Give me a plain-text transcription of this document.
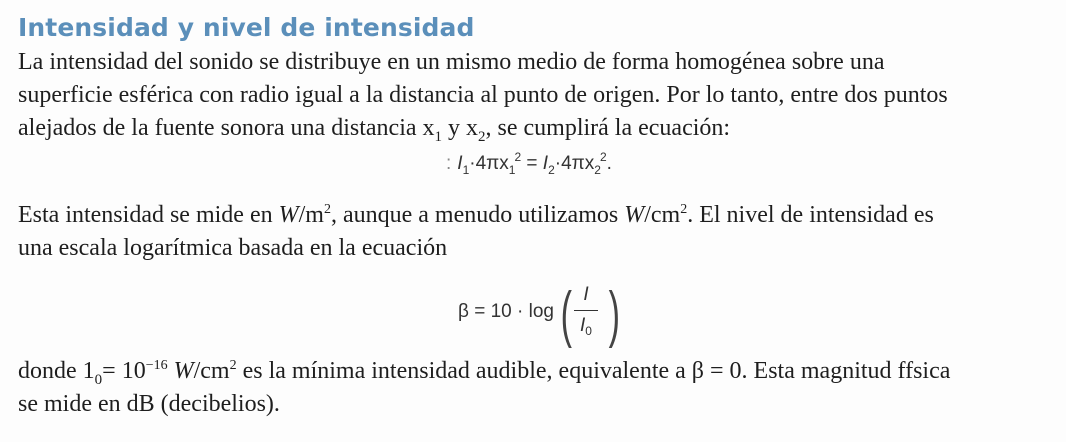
Intensidad y nivel de intensidad
La intensidad del sonido se distribuye en un mismo medio de forma homogénea sobre una
superficie esférica con radio igual a la distancia al punto de origen. Por lo tanto, entre dos puntos
alejados de la fuente sonora una distancia $x_1$ y $x_2$, se cumplirá la ecuación:
: $I_1\cdot 4\pi x_1^2 = I_2\cdot 4\pi x_2^2$.
Esta intensidad se mide en $W/m^2$, aunque a menudo utilizamos $W/cm^2$. El nivel de intensidad es
una escala logarítmica basada en la ecuación
β = 10 · log ( I
$I_0$ )
donde $1_0= 10^{-16}$ $W/cm^2$ es la mínima intensidad audible, equivalente a β = 0. Esta magnitud ffsica
se mide en dB (decibelios).
